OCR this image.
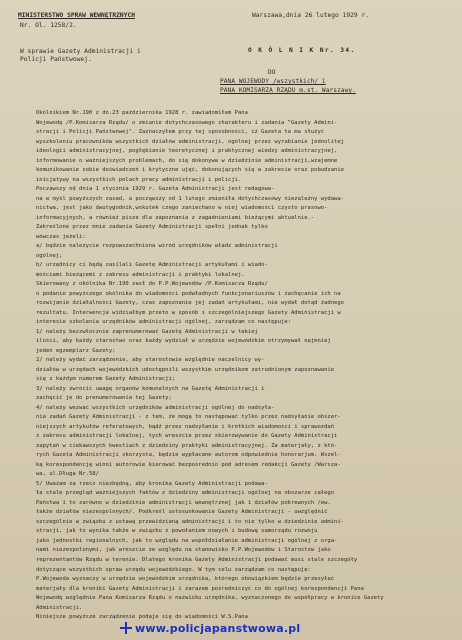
MINISTERSTWO SPRAW WEWNĘTRZNYCH
Nr. Ol. 1258/2.
Warszawa,dnia 26 lutego 1929 r.
W sprawie Gazety Administracji i
Policji Państwowej.
O K Ó L N I K Nr. 34.
DO
PANA WOJEWODY /wszystkich/ i
PANA KOMISARZA RZĄDU m.st. Warszawy.
Okólnikiem Nr.190 z dn.23 października 1928 r. zawiadomiłem Pana
Wojewodę /P.Komisarza Rządu/ o zmianie dotychczasowego charakteru i zadania "Gazety Admini-
stracji i Policji Państwowej". Zaznaczyłem przy tej sposobności, iż Gazeta ta ma służyć
wyszkoleniu pracowników wszystkich działów administracji, ogólnej przez wyrabianie jednolitej
ideologii administracyjnej, pogłębianie teoretycznej i praktycznej wiedzy administracyjnej,
informowanie o ważniejszych problemach, do się dokonywa w dziedzinie administracji,wzajemne
komunikowanie sobie doświadczeń i krytyczne ujęć, dokonujących się w zakresie oraz pobudzanie
inicjatywy na wszystkich polach pracy administracji i policji.
Poczawszy od dnia 1 stycznia 1929 r. Gazeta Administracji jest redagowa-
na w myśl powyższych zasad, a począwszy od 1 lutego zmieniła dotychczasowy niezależny wydawa-
nictwa, jest jako dwutygodnik,wskutek czego zaniechano w niej wiadomości czysto prasowo-
informacyjnych, a również pisze dla zapoznania z zagadnieniami bieżącymi aktualnie.-
Zakreślone przez mnie zadania Gazety Administracji spełni jednak tylko
wówczas jeżeli:
a/ będzie należycie rozpowszechniona wśród urzędników władz administracji
ogólnej;
b/ urzędnicy ci będą zasilali Gazetę Administracji artykułami i wiado-
mościami bieżącemi z zakresu administracji i praktyki lokalnej.
Skierowany z okólnika Nr.190 zasł do P.P.Wojewodów /P.Komisarza Rządu/
o podanie powyższego okólnika do wiadomości podwładnych funkcjonariuszów i zachęcanie ich na
rozwijanie działalności Gazety, czas zapoznanie jej zadań artykułami, nie wydał dotąd żadnego
rezultatu. Interwencja widziałbym przeto w sposób i szczególniejszego Gazety Administracji w
interesie szkolenia urzędników administracji ogólnej, zarządzam co następuje:
1/ należy bezzwłocznie zaprenumerować Gazetę Administracji w takiej
ilości, aby każdy starostwo oraz każdy wydział w urzędzie wojewódzkim otrzymywał najmniej
jeden egzemplarz Gazety;
2/ należy wydać zarządzenie, aby starostowie względnie naczelnicy wy-
działów w urzędach wojewódzkich udostępnili wszystkim urzędnikom zatrudnionym zapoznawanie
się z każdym numerem Gazety Administracji;
3/ należy zwrócić uwagę organów komunalnych na Gazetę Administracji i
zachęcić je do prenumerowania tej Gazety;
4/ należy wezwać wszystkich urzędników administracji ogólnej do nadsyła-
nia zadań Gazety Administracji - z tem, że mogą to następować tylko przez nadsyłanie obszer-
niejszych artykułów referatowych, bądź przez nadsyłanie i krótkich wiadomości i sprawozdań
z zakresu administracji lokalnej, tych wreszcie przez skierowywanie do Gazety Administracji
zapytań w ciekawszych kwestiach z dziedziny praktyki administracyjnej. Za materjały, z któ-
rych Gazeta Administracji skorzysta, będzie wypłacane autorom odpowiednie honorarjum. Wszel-
ką korespondencję winni autorowie kierować bezpośrednio pod adresem redakcji Gazety /Warsza-
wa, ul.Długa Nr.58/
5/ Uważam za rzecz niezbędną, aby kronika Gazety Administracji podawa-
ła stale przegląd ważniejszych faktów z dziedziny administracji ogólnej na obszarze całego
Państwa i to zarówno w dziedzinie administracji wewnętrznej jak i działów pokrewnych /ew.
także działów niezespolonych/. Podkreśl ustosunkowanie Gazety Administracji - uwzględnić
szczególnie w związku z ustawą przewidzianą administracji i to nie tylko w dziedzinie admini-
stracji, jak to wynika także w związku z powołaniem nowych i budową samorządu rozwoju
jako jednostki regionalnych, jak to względu na współdziałanie administracji ogólnej z orga-
nami niezespolonymi, jak wreszcie ze względu na stanowisko P.P.Wojewodów i Starostów jako
reprezentantów Rządu w terenie. Dlatego kronika Gazety Administracji podawać musi stale szczegóły
dotyczące wszystkich spraw urzędu wojewódzkiego. W tym celu zarządzam co następuje:
P.Wojewoda wyznaczy w urzędzie wojewódzkim urzędnika, którego obowiązkiem będzie przesyłać
materjały dla kroniki Gazety Administracji i zarazem pośredniczyć co do ogólnej korespondencji Pana
Wojewodę względnie Pana Komisarza Rządu o nazwisku urzędnika, wyznaczonego do współpracy w kronice Gazety
Administracji.
Niniejsze powyższe zarządzenie podaje się do wiadomości W.S.Pana
www.policjapanstwowa.pl
